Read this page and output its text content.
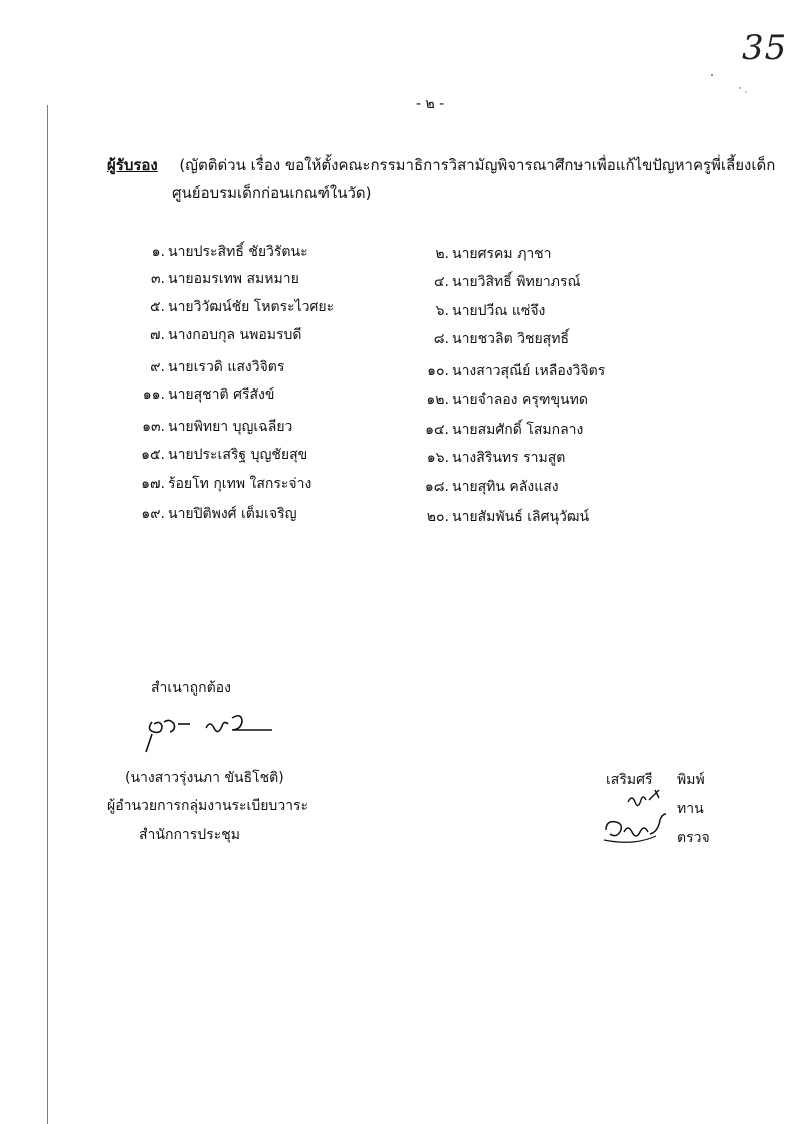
35
- ๒ -
ผู้รับรอง (ญัตติด่วน เรื่อง ขอให้ตั้งคณะกรรมาธิการวิสามัญพิจารณาศึกษาเพื่อแก้ไขปัญหาครูพี่เลี้ยงเด็ก
ศูนย์อบรมเด็กก่อนเกณฑ์ในวัด)
๑. นายประสิทธิ์ ชัยวิรัตนะ
๓. นายอมรเทพ สมหมาย
๕. นายวิวัฒน์ชัย โหตระไวศยะ
๗. นางกอบกุล นพอมรบดี
๙. นายเรวดิ แสงวิจิตร
๑๑. นายสุชาติ ศรีสังข์
๑๓. นายพิทยา บุญเฉลียว
๑๕. นายประเสริฐ บุญชัยสุข
๑๗. ร้อยโท กุเทพ ใสกระจ่าง
๑๙. นายปิติพงศ์ เต็มเจริญ
๒. นายศรคม ฦาชา
๔. นายวิสิทธิ์ พิทยาภรณ์
๖. นายปวีณ แซ่จึง
๘. นายชวลิต วิชยสุทธิ์
๑๐. นางสาวสุณีย์ เหลืองวิจิตร
๑๒. นายจำลอง ครุฑขุนทด
๑๔. นายสมศักดิ์ โสมกลาง
๑๖. นางสิรินทร รามสูต
๑๘. นายสุทิน คลังแสง
๒๐. นายสัมพันธ์ เลิศนุวัฒน์
สำเนาถูกต้อง
(นางสาวรุ่งนภา ขันธิโชติ)
ผู้อำนวยการกลุ่มงานระเบียบวาระ
สำนักการประชุม
เสริมศรี พิมพ์
ทาน
ตรวจ
